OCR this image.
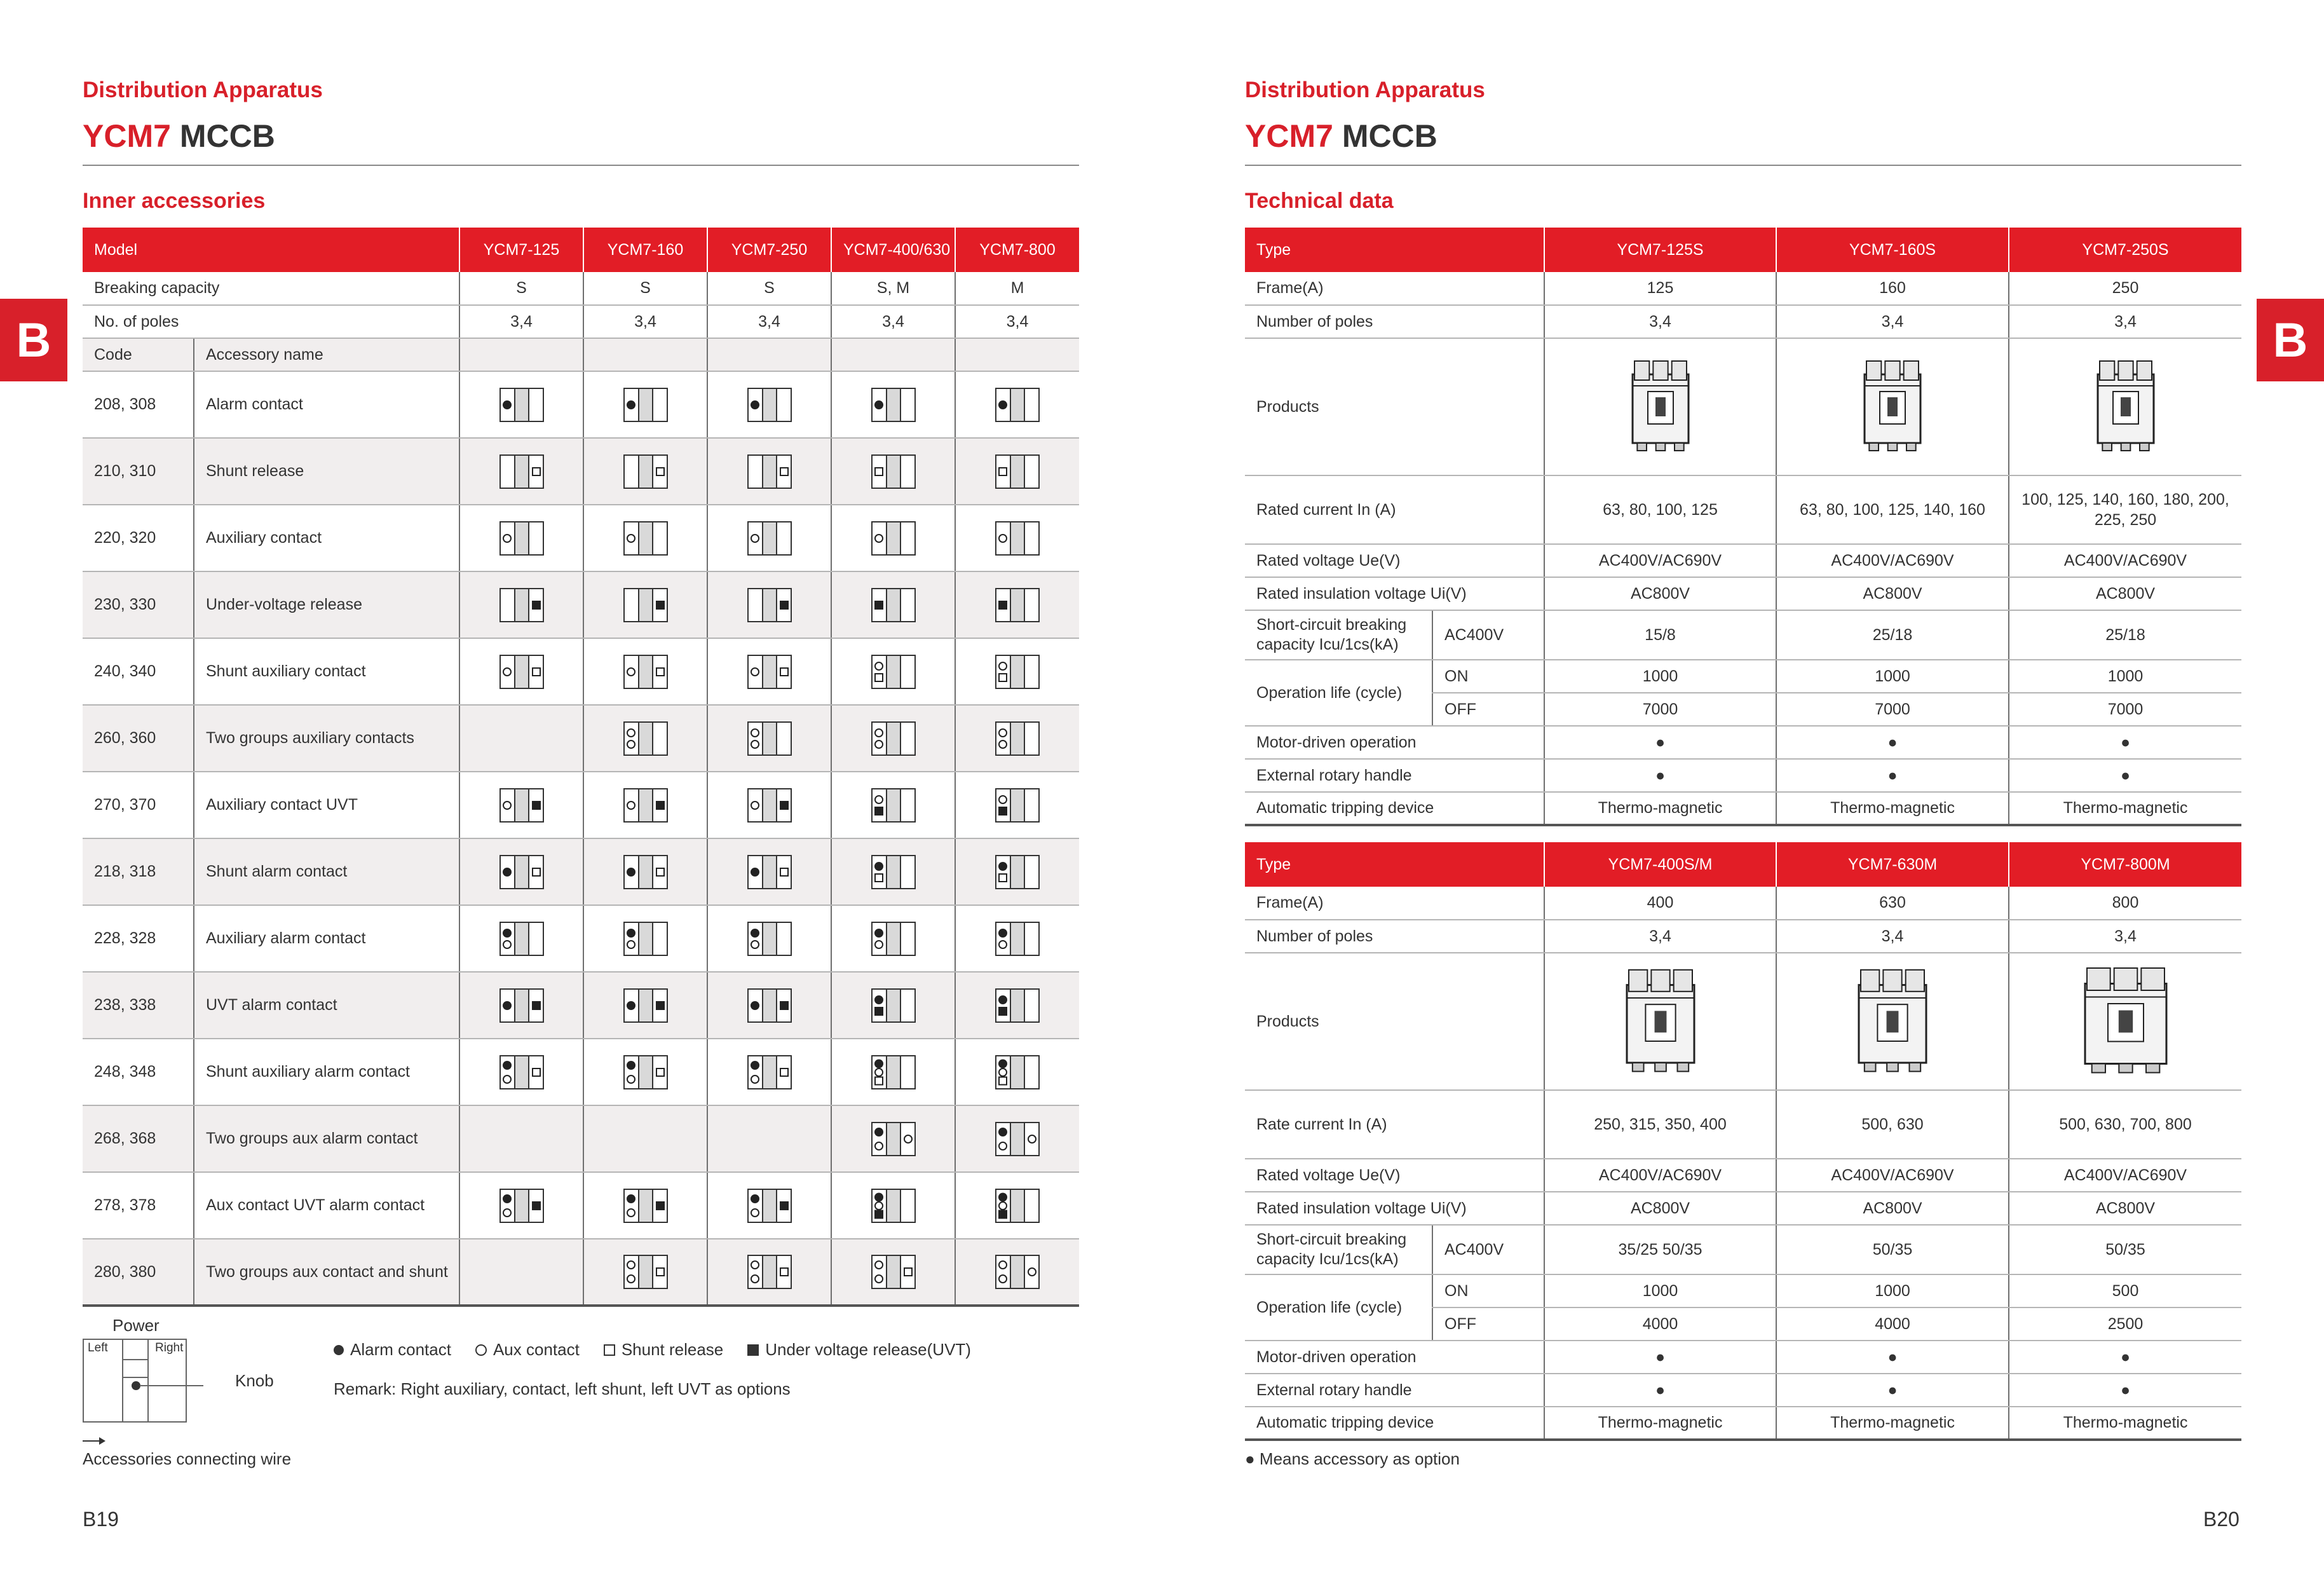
Distribution Apparatus
YCM7 MCCB
Inner accessories
B
Model		YCM7-125	YCM7-160	YCM7-250	YCM7-400/630	YCM7-800
Breaking capacity		S	S	S	S, M	M
No. of poles		3,4	3,4	3,4	3,4	3,4
Code	Accessory name					
208, 308	Alarm contact					
210, 310	Shunt release					
220, 320	Auxiliary contact					
230, 330	Under-voltage release					
240, 340	Shunt auxiliary contact					
260, 360	Two groups auxiliary contacts					
270, 370	Auxiliary contact UVT					
218, 318	Shunt alarm contact					
228, 328	Auxiliary alarm contact					
238, 338	UVT alarm contact					
248, 348	Shunt auxiliary alarm contact					
268, 368	Two groups aux alarm contact					
278, 378	Aux contact UVT alarm contact					
280, 380	Two groups aux contact and shunt					
Power
Left	Right
Knob
Accessories connecting wire
Alarm contact	Aux contact	Shunt release	Under voltage release(UVT)
Remark: Right auxiliary, contact, left shunt, left UVT as options
B19
Distribution Apparatus
YCM7 MCCB
Technical data
B
Type		YCM7-125S	YCM7-160S	YCM7-250S
Frame(A)		125	160	250
Number of poles		3,4	3,4	3,4
Products			
Rated current In (A)		63, 80, 100, 125	63, 80, 100, 125, 140, 160	100, 125, 140, 160, 180, 200, 225, 250
Rated voltage Ue(V)		AC400V/AC690V	AC400V/AC690V	AC400V/AC690V
Rated insulation voltage Ui(V)		AC800V	AC800V	AC800V
Short-circuit breaking capacity Icu/1cs(kA)	AC400V	15/8	25/18	25/18
Operation life (cycle)	ON	1000	1000	1000
	OFF	7000	7000	7000
Motor-driven operation		●	●	●
External rotary handle		●	●	●
Automatic tripping device		Thermo-magnetic	Thermo-magnetic	Thermo-magnetic
Type		YCM7-400S/M	YCM7-630M	YCM7-800M
Frame(A)		400	630	800
Number of poles		3,4	3,4	3,4
Products			
Rate current In (A)		250, 315, 350, 400	500, 630	500, 630, 700, 800
Rated voltage Ue(V)		AC400V/AC690V	AC400V/AC690V	AC400V/AC690V
Rated insulation voltage Ui(V)		AC800V	AC800V	AC800V
Short-circuit breaking capacity Icu/1cs(kA)	AC400V	35/25 50/35	50/35	50/35
Operation life (cycle)	ON	1000	1000	500
	OFF	4000	4000	2500
Motor-driven operation		●	●	●
External rotary handle		●	●	●
Automatic tripping device		Thermo-magnetic	Thermo-magnetic	Thermo-magnetic
● Means accessory as option
B20
